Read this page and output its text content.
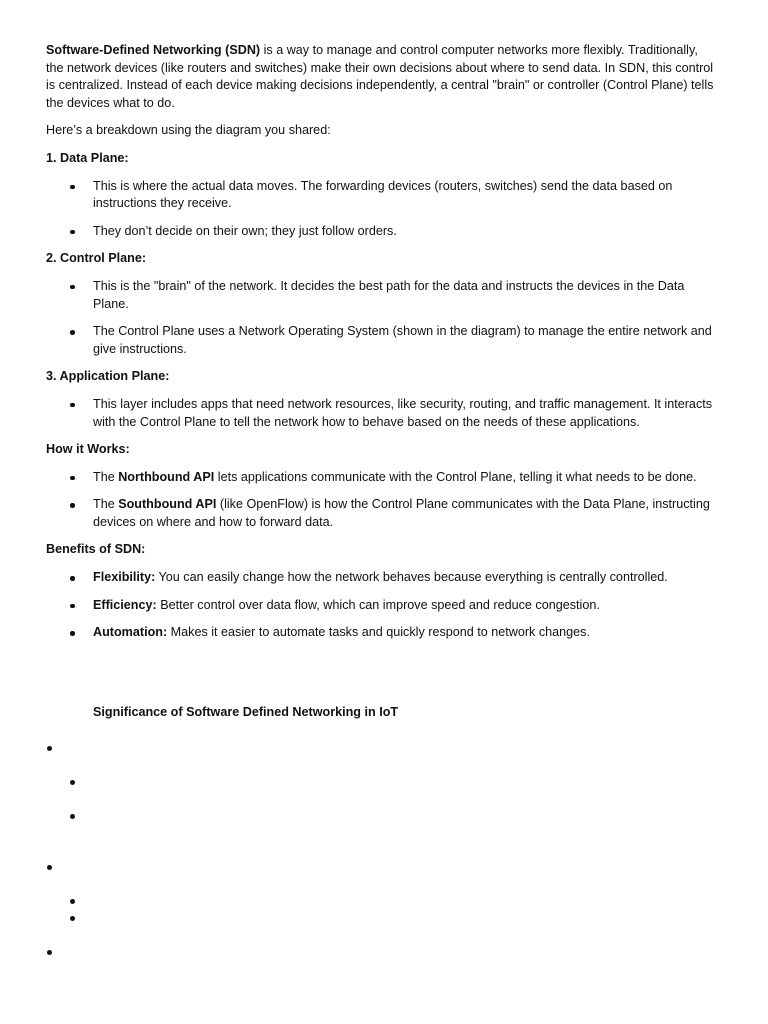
Software-Defined Networking (SDN) is a way to manage and control computer networks more flexibly. Traditionally, the network devices (like routers and switches) make their own decisions about where to send data. In SDN, this control is centralized. Instead of each device making decisions independently, a central "brain" or controller (Control Plane) tells the devices what to do.

Here’s a breakdown using the diagram you shared:

1. Data Plane:

This is where the actual data moves. The forwarding devices (routers, switches) send the data based on instructions they receive.
They don’t decide on their own; they just follow orders.

2. Control Plane:

This is the "brain" of the network. It decides the best path for the data and instructs the devices in the Data Plane.
The Control Plane uses a Network Operating System (shown in the diagram) to manage the entire network and give instructions.

3. Application Plane:

This layer includes apps that need network resources, like security, routing, and traffic management. It interacts with the Control Plane to tell the network how to behave based on the needs of these applications.

How it Works:

The Northbound API lets applications communicate with the Control Plane, telling it what needs to be done.
The Southbound API (like OpenFlow) is how the Control Plane communicates with the Data Plane, instructing devices on where and how to forward data.

Benefits of SDN:

Flexibility: You can easily change how the network behaves because everything is centrally controlled.
Efficiency: Better control over data flow, which can improve speed and reduce congestion.
Automation: Makes it easier to automate tasks and quickly respond to network changes.

Significance of Software Defined Networking in IoT
